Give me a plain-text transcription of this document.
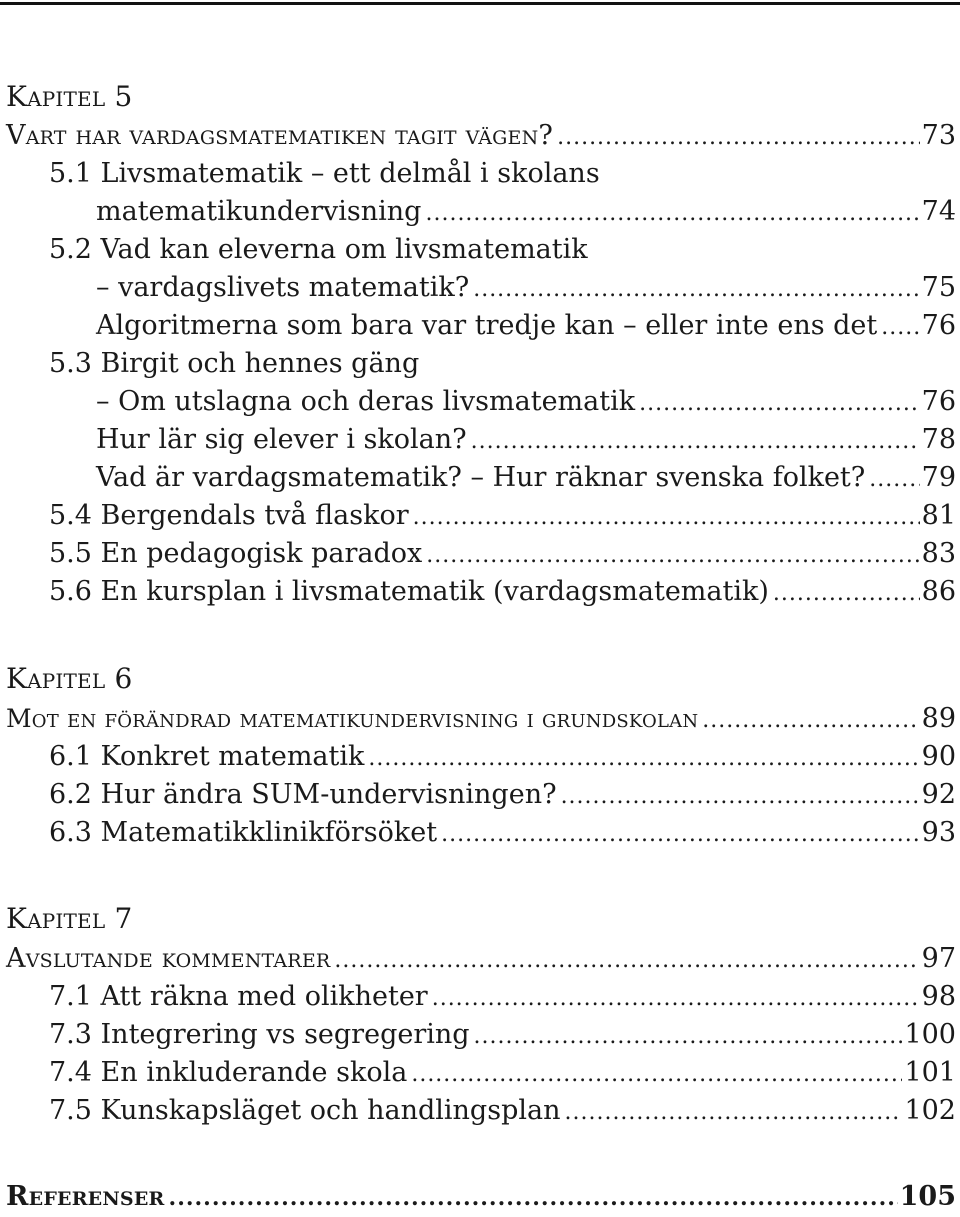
Kapitel 5
Vart har vardagsmatematiken tagit vägen? .....	73
5.1 Livsmatematik – ett delmål i skolans
matematikundervisning .....	74
5.2 Vad kan eleverna om livsmatematik
– vardagslivets matematik? .....	75
Algoritmerna som bara var tredje kan – eller inte ens det ..... 76
5.3 Birgit och hennes gäng
– Om utslagna och deras livsmatematik .....	76
Hur lär sig elever i skolan? .....	78
Vad är vardagsmatematik? – Hur räknar svenska folket? ..... 79
5.4 Bergendals två flaskor .....	81
5.5 En pedagogisk paradox .....	83
5.6 En kursplan i livsmatematik (vardagsmatematik) .....	86
Kapitel 6
Mot en förändrad matematikundervisning i grundskolan .....	89
6.1 Konkret matematik .....	90
6.2 Hur ändra SUM-undervisningen? .....	92
6.3 Matematikklinikförsöket .....	93
Kapitel 7
Avslutande kommentarer .....	97
7.1 Att räkna med olikheter .....	98
7.3 Integrering vs segregering .....	100
7.4 En inkluderande skola .....	101
7.5 Kunskapsläget och handlingsplan .....	102
Referenser .....	105
